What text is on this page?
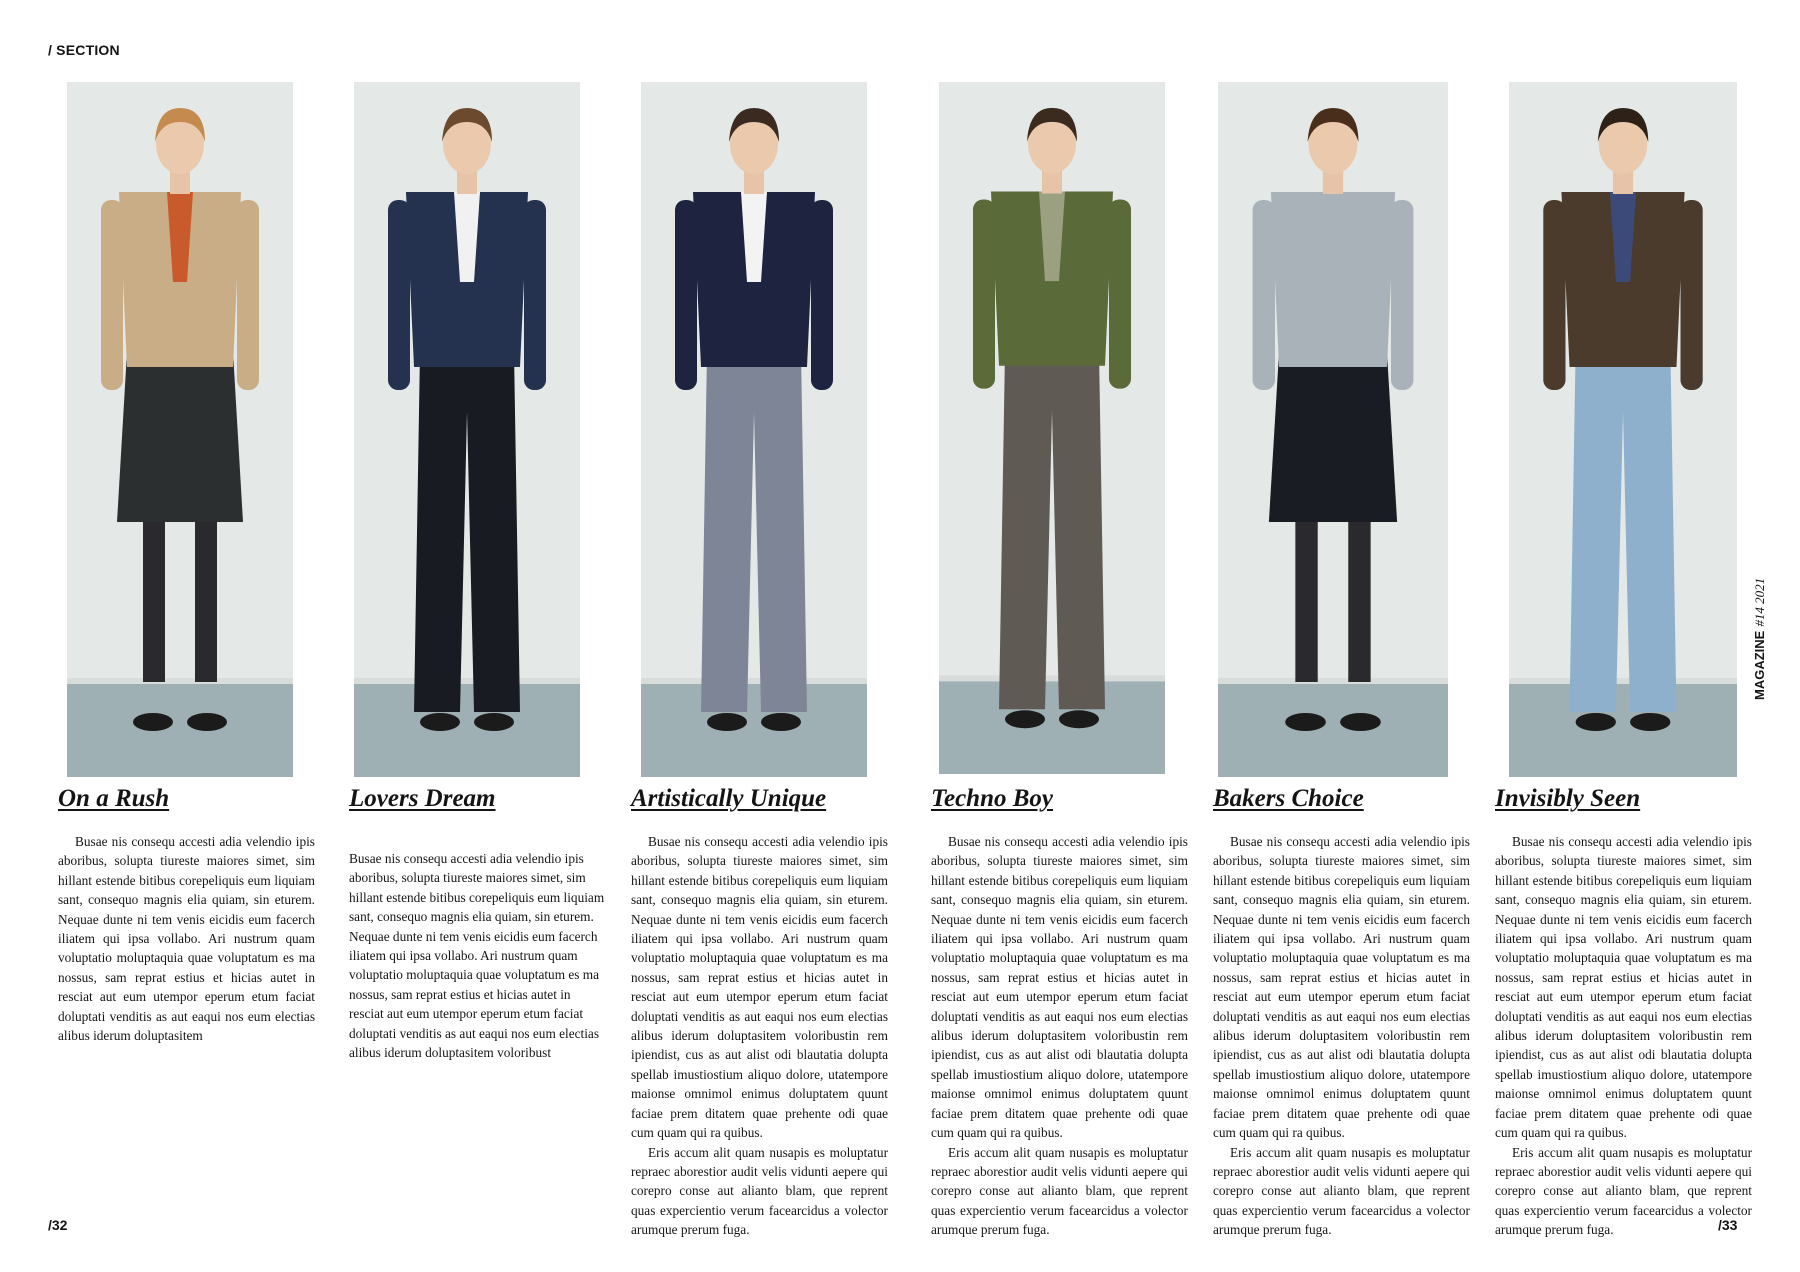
/ SECTION
MAGAZINE#14 2021
/32	/33
On a Rush

Busae nis consequ accesti adia velendio ipis aboribus, solupta tiureste maiores simet, sim hillant estende bitibus corepeliquis eum liquiam sant, consequo magnis elia quiam, sin eturem. Nequae dunte ni tem venis eicidis eum facerch iliatem qui ipsa vollabo. Ari nustrum quam voluptatio moluptaquia quae voluptatum es ma nossus, sam reprat estius et hicias autet in resciat aut eum utempor eperum etum faciat doluptati venditis as aut eaqui nos eum electias alibus iderum doluptasitem

Lovers Dream

Busae nis consequ accesti adia velendio ipis aboribus, solupta tiureste maiores simet, sim hillant estende bitibus corepeliquis eum liquiam sant, consequo magnis elia quiam, sin eturem. Nequae dunte ni tem venis eicidis eum facerch iliatem qui ipsa vollabo. Ari nustrum quam voluptatio moluptaquia quae voluptatum es ma nossus, sam reprat estius et hicias autet in resciat aut eum utempor eperum etum faciat doluptati venditis as aut eaqui nos eum electias alibus iderum doluptasitem voloribust

Artistically Unique

Busae nis consequ accesti adia velendio ipis aboribus, solupta tiureste maiores simet, sim hillant estende bitibus corepeliquis eum liquiam sant, consequo magnis elia quiam, sin eturem. Nequae dunte ni tem venis eicidis eum facerch iliatem qui ipsa vollabo. Ari nustrum quam voluptatio moluptaquia quae voluptatum es ma nossus, sam reprat estius et hicias autet in resciat aut eum utempor eperum etum faciat doluptati venditis as aut eaqui nos eum electias alibus iderum doluptasitem voloribustin rem ipiendist, cus as aut alist odi blautatia dolupta spellab imustiostium aliquo dolore, utatempore maionse omnimol enimus doluptatem quunt faciae prem ditatem quae prehente odi quae cum quam qui ra quibus.

Eris accum alit quam nusapis es moluptatur repraec aborestior audit velis vidunti aepere qui corepro conse aut alianto blam, que reprent quas expercientio verum facearcidus a volector arumque prerum fuga.

Techno Boy

Busae nis consequ accesti adia velendio ipis aboribus, solupta tiureste maiores simet, sim hillant estende bitibus corepeliquis eum liquiam sant, consequo magnis elia quiam, sin eturem. Nequae dunte ni tem venis eicidis eum facerch iliatem qui ipsa vollabo. Ari nustrum quam voluptatio moluptaquia quae voluptatum es ma nossus, sam reprat estius et hicias autet in resciat aut eum utempor eperum etum faciat doluptati venditis as aut eaqui nos eum electias alibus iderum doluptasitem voloribustin rem ipiendist, cus as aut alist odi blautatia dolupta spellab imustiostium aliquo dolore, utatempore maionse omnimol enimus doluptatem quunt faciae prem ditatem quae prehente odi quae cum quam qui ra quibus.

Eris accum alit quam nusapis es moluptatur repraec aborestior audit velis vidunti aepere qui corepro conse aut alianto blam, que reprent quas expercientio verum facearcidus a volector arumque prerum fuga.

Bakers Choice

Busae nis consequ accesti adia velendio ipis aboribus, solupta tiureste maiores simet, sim hillant estende bitibus corepeliquis eum liquiam sant, consequo magnis elia quiam, sin eturem. Nequae dunte ni tem venis eicidis eum facerch iliatem qui ipsa vollabo. Ari nustrum quam voluptatio moluptaquia quae voluptatum es ma nossus, sam reprat estius et hicias autet in resciat aut eum utempor eperum etum faciat doluptati venditis as aut eaqui nos eum electias alibus iderum doluptasitem voloribustin rem ipiendist, cus as aut alist odi blautatia dolupta spellab imustiostium aliquo dolore, utatempore maionse omnimol enimus doluptatem quunt faciae prem ditatem quae prehente odi quae cum quam qui ra quibus.

Eris accum alit quam nusapis es moluptatur repraec aborestior audit velis vidunti aepere qui corepro conse aut alianto blam, que reprent quas expercientio verum facearcidus a volector arumque prerum fuga.

Invisibly Seen

Busae nis consequ accesti adia velendio ipis aboribus, solupta tiureste maiores simet, sim hillant estende bitibus corepeliquis eum liquiam sant, consequo magnis elia quiam, sin eturem. Nequae dunte ni tem venis eicidis eum facerch iliatem qui ipsa vollabo. Ari nustrum quam voluptatio moluptaquia quae voluptatum es ma nossus, sam reprat estius et hicias autet in resciat aut eum utempor eperum etum faciat doluptati venditis as aut eaqui nos eum electias alibus iderum doluptasitem voloribustin rem ipiendist, cus as aut alist odi blautatia dolupta spellab imustiostium aliquo dolore, utatempore maionse omnimol enimus doluptatem quunt faciae prem ditatem quae prehente odi quae cum quam qui ra quibus.

Eris accum alit quam nusapis es moluptatur repraec aborestior audit velis vidunti aepere qui corepro conse aut alianto blam, que reprent quas expercientio verum facearcidus a volector arumque prerum fuga.
